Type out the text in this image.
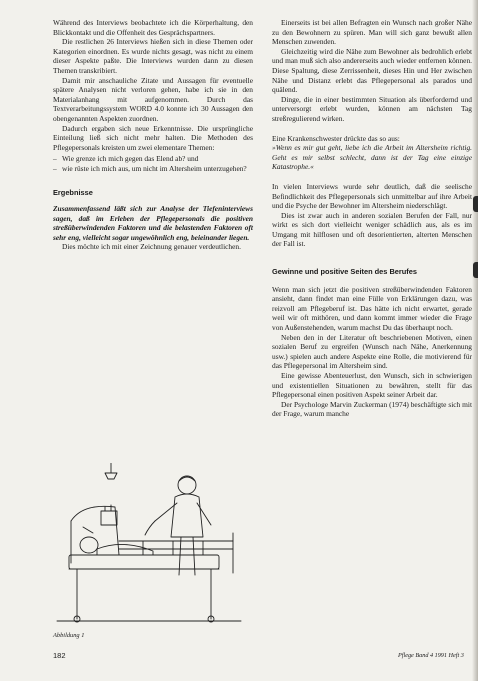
Während des Interviews beobachtete ich die Körperhaltung, den Blickkontakt und die Offenheit des Gesprächspartners.

Die restlichen 26 Interviews hießen sich in diese Themen oder Kategorien einordnen. Es wurde nichts gesagt, was nicht zu einem dieser Aspekte paßte. Die Interviews wurden dann zu diesen Themen transkribiert.

Damit mir anschauliche Zitate und Aussagen für eventuelle spätere Analysen nicht verloren gehen, habe ich sie in den Materialanhang mit aufgenommen. Durch das Textverarbeitungssystem WORD 4.0 konnte ich 30 Aussagen den obengenannten Aspekten zuordnen.

Dadurch ergaben sich neue Erkenntnisse. Die ursprüngliche Einteilung ließ sich nicht mehr halten. Die Methoden des Pflegepersonals kreisten um zwei elementare Themen:

– Wie grenze ich mich gegen das Elend ab? und
– wie rüste ich mich aus, um nicht im Altersheim unterzugehen?
Ergebnisse

Zusammenfassend läßt sich zur Analyse der Tiefeninterviews sagen, daß im Erleben der Pflegepersonals die positiven streßüberwindenden Faktoren und die belastenden Faktoren oft sehr eng, vielleicht sogar ungewöhnlich eng, beieinander liegen.

Dies möchte ich mit einer Zeichnung genauer verdeutlichen.

Abbildung 1

Einerseits ist bei allen Befragten ein Wunsch nach großer Nähe zu den Bewohnern zu spüren. Man will sich ganz bewußt allen Menschen zuwenden.

Gleichzeitig wird die Nähe zum Bewohner als bedrohlich erlebt und man muß sich also andererseits auch wieder entfernen können. Diese Spaltung, diese Zerrissenheit, dieses Hin und Her zwischen Nähe und Distanz erlebt das Pflegepersonal als parados und quälend.

Dinge, die in einer bestimmten Situation als überfordernd und unterversorgt erlebt wurden, können am nächsten Tag streßregulierend wirken.

Eine Krankenschwester drückte das so aus:

»Wenn es mir gut geht, liebe ich die Arbeit im Altersheim richtig. Geht es mir selbst schlecht, dann ist der Tag eine einzige Katastrophe.«

In vielen Interviews wurde sehr deutlich, daß die seelische Befindlichkeit des Pflegepersonals sich unmittelbar auf ihre Arbeit und die Psyche der Bewohner im Altersheim niederschlägt.

Dies ist zwar auch in anderen sozialen Berufen der Fall, nur wirkt es sich dort vielleicht weniger schädlich aus, als es im Umgang mit hilflosen und oft desorientierten, alterten Menschen der Fall ist.

Gewinne und positive Seiten des Berufes

Wenn man sich jetzt die positiven streßüberwindenden Faktoren ansieht, dann findet man eine Fülle von Erklärungen dazu, was reizvoll am Pflegeberuf ist. Das hätte ich nicht erwartet, gerade weil wir oft mithören, und dann kommt immer wieder die Frage von Außenstehenden, warum machst Du das überhaupt noch.

Neben den in der Literatur oft beschriebenen Motiven, einen sozialen Beruf zu ergreifen (Wunsch nach Nähe, Anerkennung usw.) spielen auch andere Aspekte eine Rolle, die motivierend für das Pflegepersonal im Altersheim sind.

Eine gewisse Abenteuerlust, den Wunsch, sich in schwierigen und existentiellen Situationen zu bewähren, stellt für das Pflegepersonal einen positiven Aspekt seiner Arbeit dar.

Der Psychologe Marvin Zuckerman (1974) beschäftigte sich mit der Frage, warum manche

182	Pflege Band 4 1991 Heft 3
